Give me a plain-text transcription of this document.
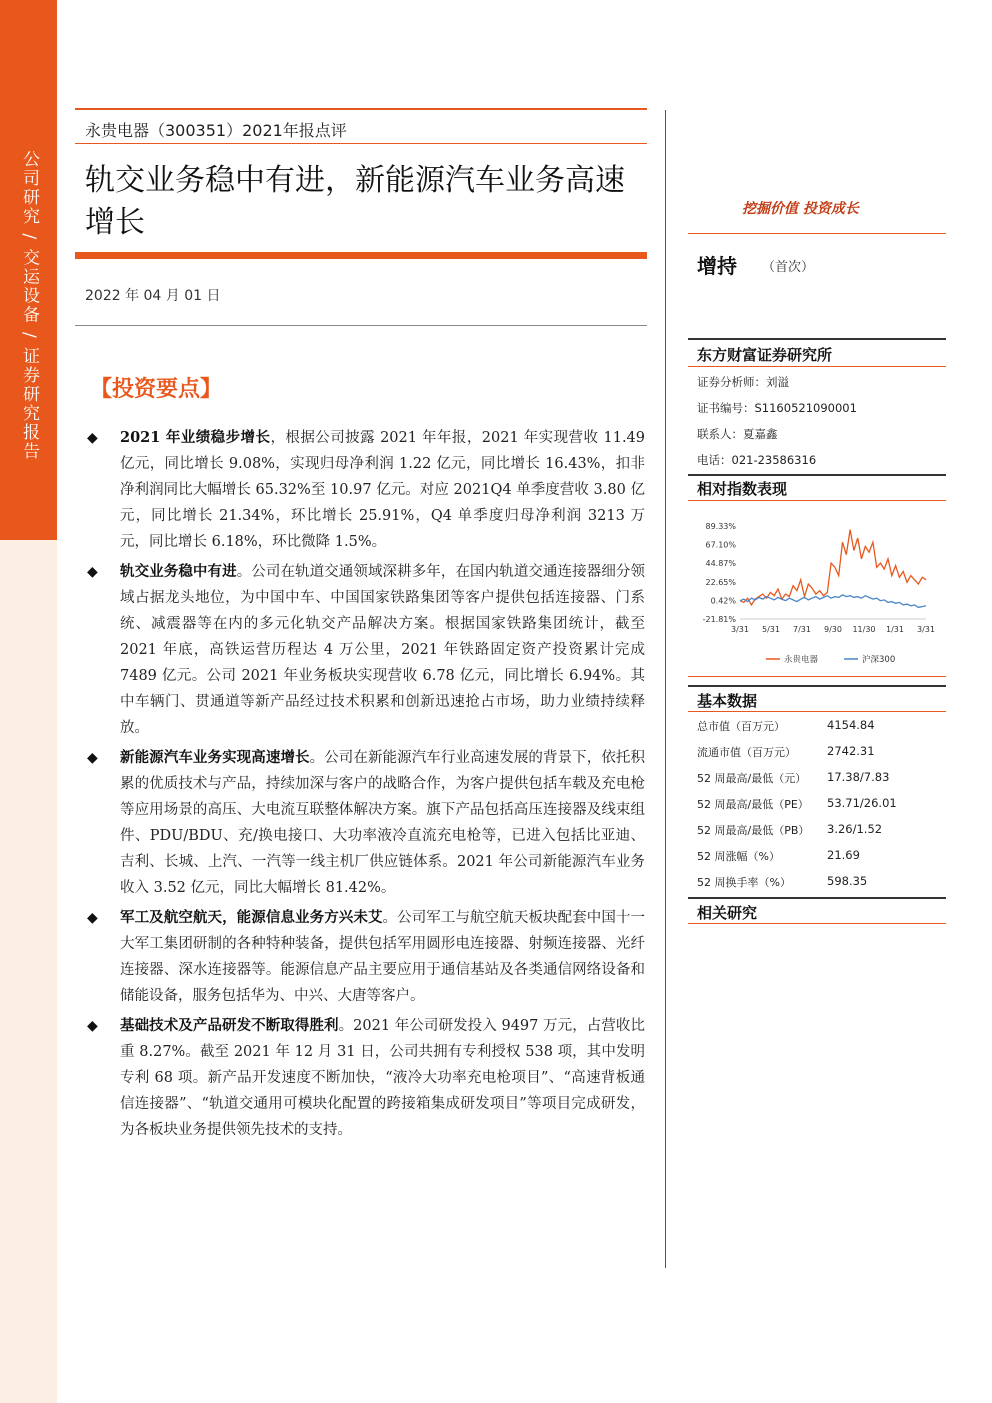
公司研究 / 交运设备 / 证券研究报告
永贵电器（300351）2021年报点评
轨交业务稳中有进，新能源汽车业务高速增长
2022 年 04 月 01 日
【投资要点】
◆ 2021 年业绩稳步增长，根据公司披露 2021 年年报，2021 年实现营收 11.49 亿元，同比增长 9.08%，实现归母净利润 1.22 亿元，同比增长 16.43%，扣非净利润同比大幅增长 65.32%至 10.97 亿元。对应 2021Q4 单季度营收 3.80 亿元，同比增长 21.34%，环比增长 25.91%，Q4 单季度归母净利润 3213 万元，同比增长 6.18%，环比微降 1.5%。
◆ 轨交业务稳中有进。公司在轨道交通领域深耕多年，在国内轨道交通连接器细分领域占据龙头地位，为中国中车、中国国家铁路集团等客户提供包括连接器、门系统、减震器等在内的多元化轨交产品解决方案。根据国家铁路集团统计，截至 2021 年底，高铁运营历程达 4 万公里，2021 年铁路固定资产投资累计完成 7489 亿元。公司 2021 年业务板块实现营收 6.78 亿元，同比增长 6.94%。其中车辆门、贯通道等新产品经过技术积累和创新迅速抢占市场，助力业绩持续释放。
◆ 新能源汽车业务实现高速增长。公司在新能源汽车行业高速发展的背景下，依托积累的优质技术与产品，持续加深与客户的战略合作，为客户提供包括车载及充电枪等应用场景的高压、大电流互联整体解决方案。旗下产品包括高压连接器及线束组件、PDU/BDU、充/换电接口、大功率液冷直流充电枪等，已进入包括比亚迪、吉利、长城、上汽、一汽等一线主机厂供应链体系。2021 年公司新能源汽车业务收入 3.52 亿元，同比大幅增长 81.42%。
◆ 军工及航空航天，能源信息业务方兴未艾。公司军工与航空航天板块配套中国十一大军工集团研制的各种特种装备，提供包括军用圆形电连接器、射频连接器、光纤连接器、深水连接器等。能源信息产品主要应用于通信基站及各类通信网络设备和储能设备，服务包括华为、中兴、大唐等客户。
◆ 基础技术及产品研发不断取得胜利。2021 年公司研发投入 9497 万元，占营收比重 8.27%。截至 2021 年 12 月 31 日，公司共拥有专利授权 538 项，其中发明专利 68 项。新产品开发速度不断加快，“液冷大功率充电枪项目”、“高速背板通信连接器”、“轨道交通用可模块化配置的跨接箱集成研发项目”等项目完成研发，为各板块业务提供领先技术的支持。
挖掘价值 投资成长
增持 （首次）
东方财富证券研究所
证券分析师：刘溢
证书编号：S1160521090001
联系人：夏嘉鑫
电话：021-23586316
相对指数表现
89.33%
67.10%
44.87%
22.65%
0.42%
-21.81%
3/31 5/31 7/31 9/30 11/30 1/31 3/31
永贵电器	沪深300
基本数据
总市值（百万元）	4154.84
流通市值（百万元）	2742.31
52 周最高/最低（元）	17.38/7.83
52 周最高/最低（PE）	53.71/26.01
52 周最高/最低（PB）	3.26/1.52
52 周涨幅（%）	21.69
52 周换手率（%）	598.35
相关研究
